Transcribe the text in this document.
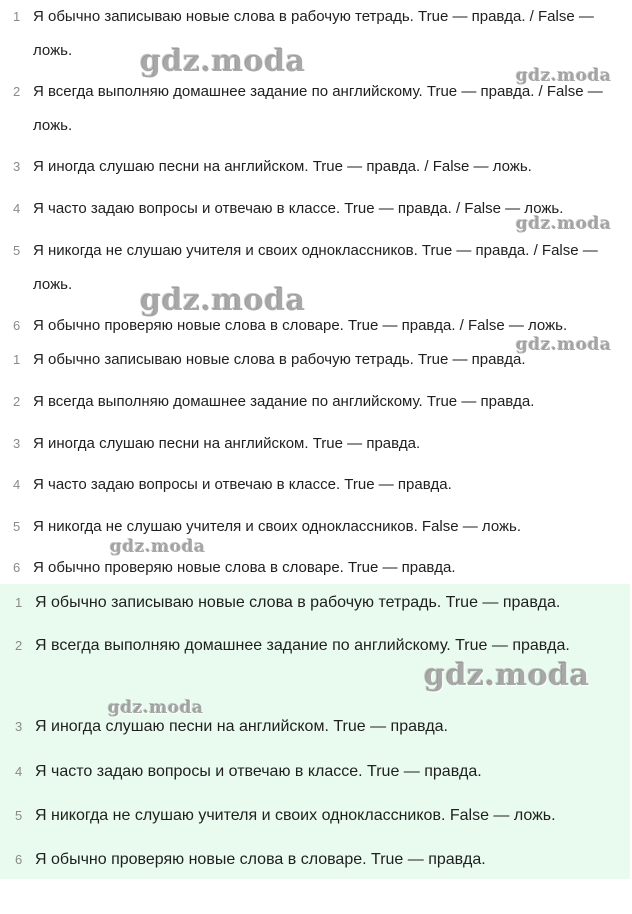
1 Я обычно записываю новые слова в рабочую тетрадь. True — правда. / False — ложь.
2 Я всегда выполняю домашнее задание по английскому. True — правда. / False — ложь.
3 Я иногда слушаю песни на английском. True — правда. / False — ложь.
4 Я часто задаю вопросы и отвечаю в классе. True — правда. / False — ложь.
5 Я никогда не слушаю учителя и своих одноклассников. True — правда. / False — ложь.
6 Я обычно проверяю новые слова в словаре. True — правда. / False — ложь.
1 Я обычно записываю новые слова в рабочую тетрадь. True — правда.
2 Я всегда выполняю домашнее задание по английскому. True — правда.
3 Я иногда слушаю песни на английском. True — правда.
4 Я часто задаю вопросы и отвечаю в классе. True — правда.
5 Я никогда не слушаю учителя и своих одноклассников. False — ложь.
6 Я обычно проверяю новые слова в словаре. True — правда.
1 Я обычно записываю новые слова в рабочую тетрадь. True — правда.
2 Я всегда выполняю домашнее задание по английскому. True — правда.
3 Я иногда слушаю песни на английском. True — правда.
4 Я часто задаю вопросы и отвечаю в классе. True — правда.
5 Я никогда не слушаю учителя и своих одноклассников. False — ложь.
6 Я обычно проверяю новые слова в словаре. True — правда.
gdz.moda	gdz.moda
gdz.moda
gdz.moda
gdz.moda
gdz.moda
gdz.moda
gdz.moda
